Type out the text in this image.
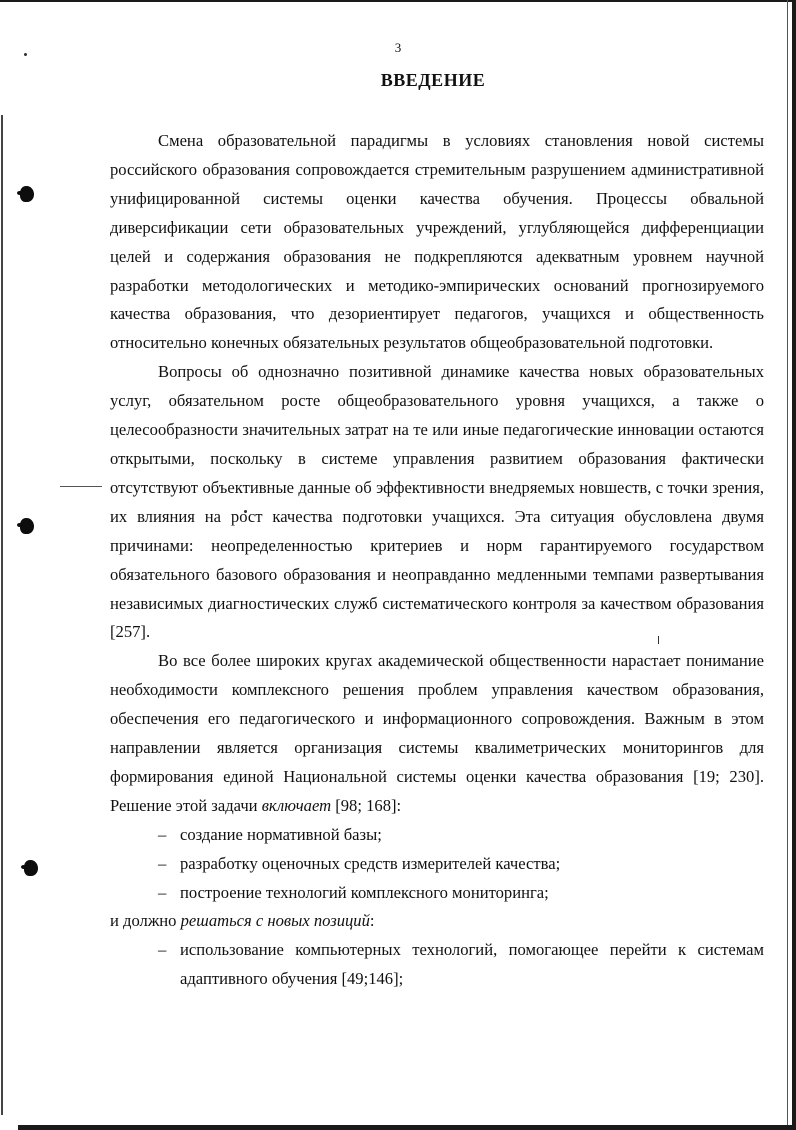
3
ВВЕДЕНИЕ

Смена образовательной парадигмы в условиях становления новой системы российского образования сопровождается стремительным разрушением административной унифицированной системы оценки качества обучения. Процессы обвальной диверсификации сети образовательных учреждений, углубляющейся дифференциации целей и содержания образования не подкрепляются адекватным уровнем научной разработки методологических и методико-эмпирических оснований прогнозируемого качества образования, что дезориентирует педагогов, учащихся и общественность относительно конечных обязательных результатов общеобразовательной подготовки.

Вопросы об однозначно позитивной динамике качества новых образовательных услуг, обязательном росте общеобразовательного уровня учащихся, а также о целесообразности значительных затрат на те или иные педагогические инновации остаются открытыми, поскольку в системе управления развитием образования фактически отсутствуют объективные данные об эффективности внедряемых новшеств, с точки зрения, их влияния на рост качества подготовки учащихся. Эта ситуация обусловлена двумя причинами: неопределенностью критериев и норм гарантируемого государством обязательного базового образования и неоправданно медленными темпами развертывания независимых диагностических служб систематического контроля за качеством образования [257].

Во все более широких кругах академической общественности нарастает понимание необходимости комплексного решения проблем управления качеством образования, обеспечения его педагогического и информационного сопровождения. Важным в этом направлении является организация системы квалиметрических мониторингов для формирования единой Национальной системы оценки качества образования [19; 230]. Решение этой задачи включает [98; 168]:

– создание нормативной базы;
– разработку оценочных средств измерителей качества;
– построение технологий комплексного мониторинга;

и должно решаться с новых позиций:

– использование компьютерных технологий, помогающее перейти к системам адаптивного обучения [49;146];
